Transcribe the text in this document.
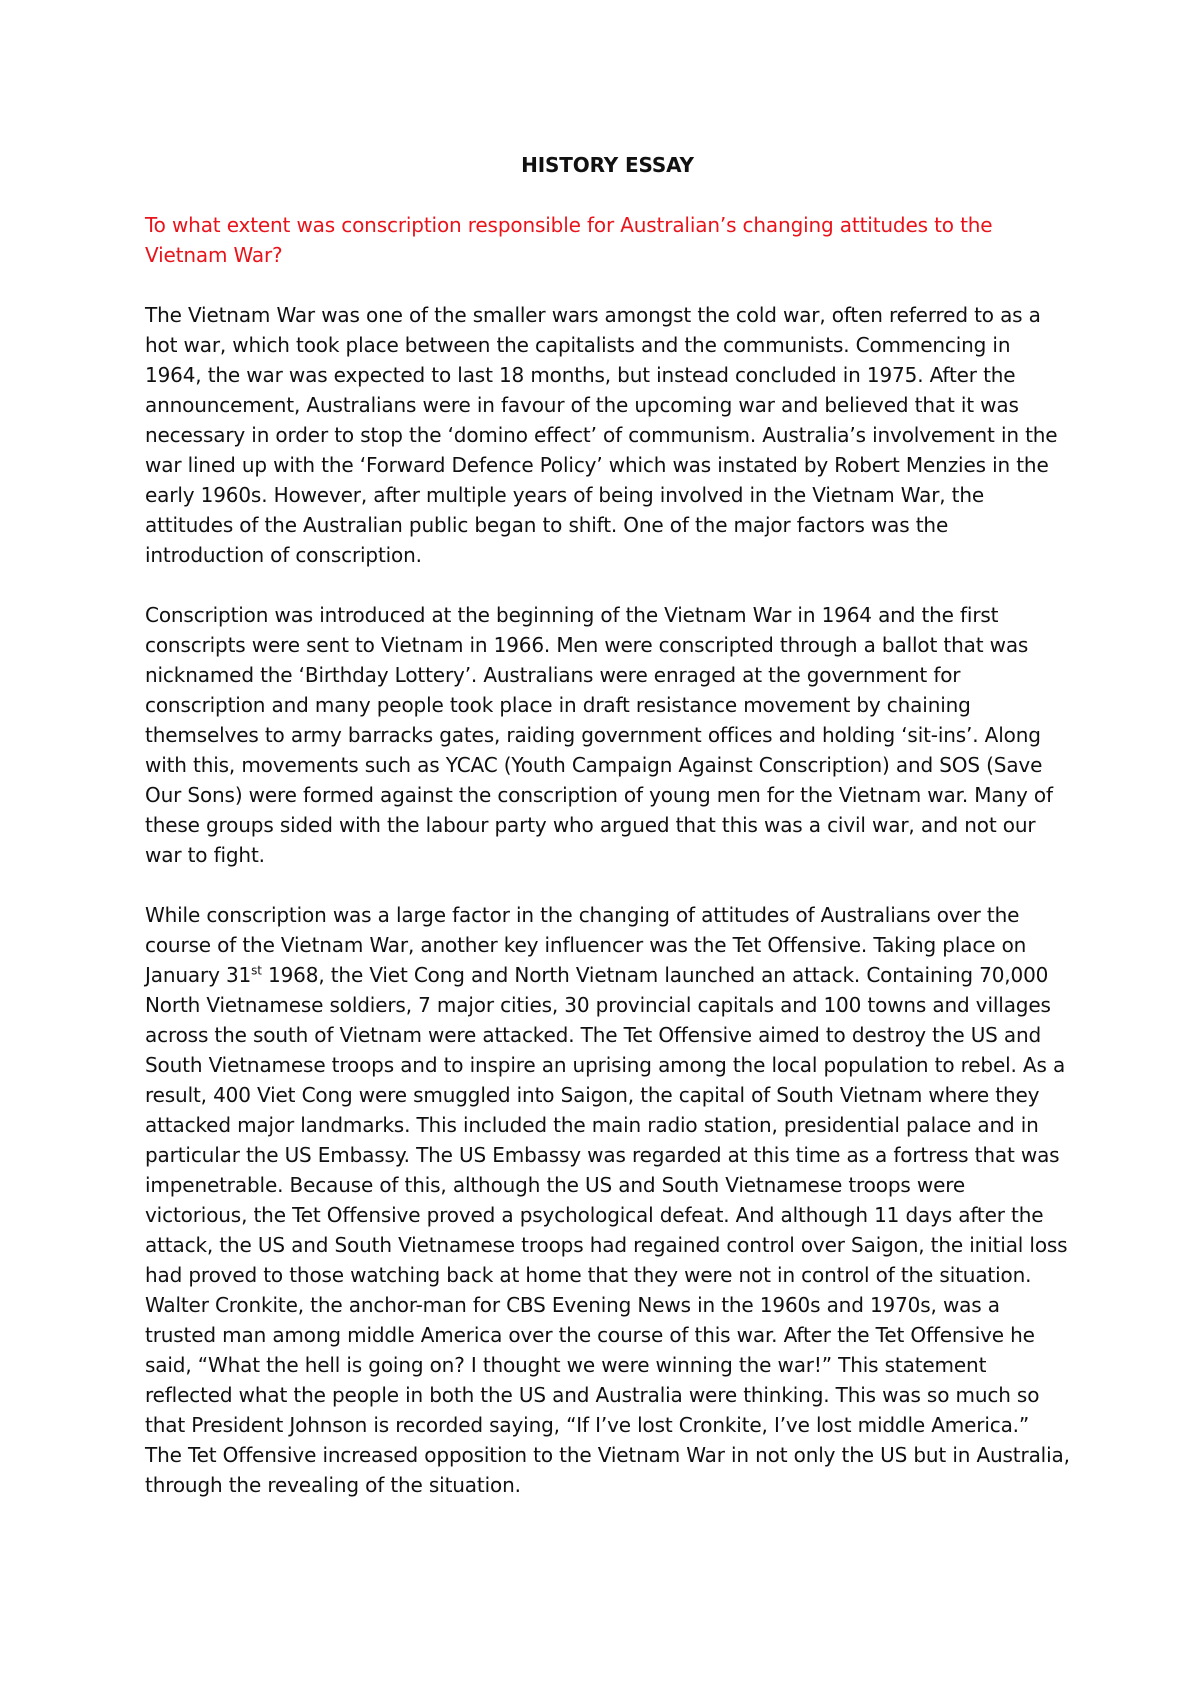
HISTORY ESSAY
To what extent was conscription responsible for Australian’s changing attitudes to the Vietnam War?
The Vietnam War was one of the smaller wars amongst the cold war, often referred to as a hot war, which took place between the capitalists and the communists. Commencing in 1964, the war was expected to last 18 months, but instead concluded in 1975. After the announcement, Australians were in favour of the upcoming war and believed that it was necessary in order to stop the ‘domino effect’ of communism. Australia’s involvement in the war lined up with the ‘Forward Defence Policy’ which was instated by Robert Menzies in the early 1960s. However, after multiple years of being involved in the Vietnam War, the attitudes of the Australian public began to shift. One of the major factors was the introduction of conscription.
Conscription was introduced at the beginning of the Vietnam War in 1964 and the first conscripts were sent to Vietnam in 1966. Men were conscripted through a ballot that was nicknamed the ‘Birthday Lottery’. Australians were enraged at the government for conscription and many people took place in draft resistance movement by chaining themselves to army barracks gates, raiding government offices and holding ‘sit-ins’. Along with this, movements such as YCAC (Youth Campaign Against Conscription) and SOS (Save Our Sons) were formed against the conscription of young men for the Vietnam war. Many of these groups sided with the labour party who argued that this was a civil war, and not our war to fight.
While conscription was a large factor in the changing of attitudes of Australians over the course of the Vietnam War, another key influencer was the Tet Offensive. Taking place on January 31st 1968, the Viet Cong and North Vietnam launched an attack. Containing 70,000 North Vietnamese soldiers, 7 major cities, 30 provincial capitals and 100 towns and villages across the south of Vietnam were attacked. The Tet Offensive aimed to destroy the US and South Vietnamese troops and to inspire an uprising among the local population to rebel. As a result, 400 Viet Cong were smuggled into Saigon, the capital of South Vietnam where they attacked major landmarks. This included the main radio station, presidential palace and in particular the US Embassy. The US Embassy was regarded at this time as a fortress that was impenetrable. Because of this, although the US and South Vietnamese troops were victorious, the Tet Offensive proved a psychological defeat. And although 11 days after the attack, the US and South Vietnamese troops had regained control over Saigon, the initial loss had proved to those watching back at home that they were not in control of the situation. Walter Cronkite, the anchor-man for CBS Evening News in the 1960s and 1970s, was a trusted man among middle America over the course of this war. After the Tet Offensive he said, “What the hell is going on? I thought we were winning the war!” This statement reflected what the people in both the US and Australia were thinking. This was so much so that President Johnson is recorded saying, “If I’ve lost Cronkite, I’ve lost middle America.” The Tet Offensive increased opposition to the Vietnam War in not only the US but in Australia, through the revealing of the situation.
